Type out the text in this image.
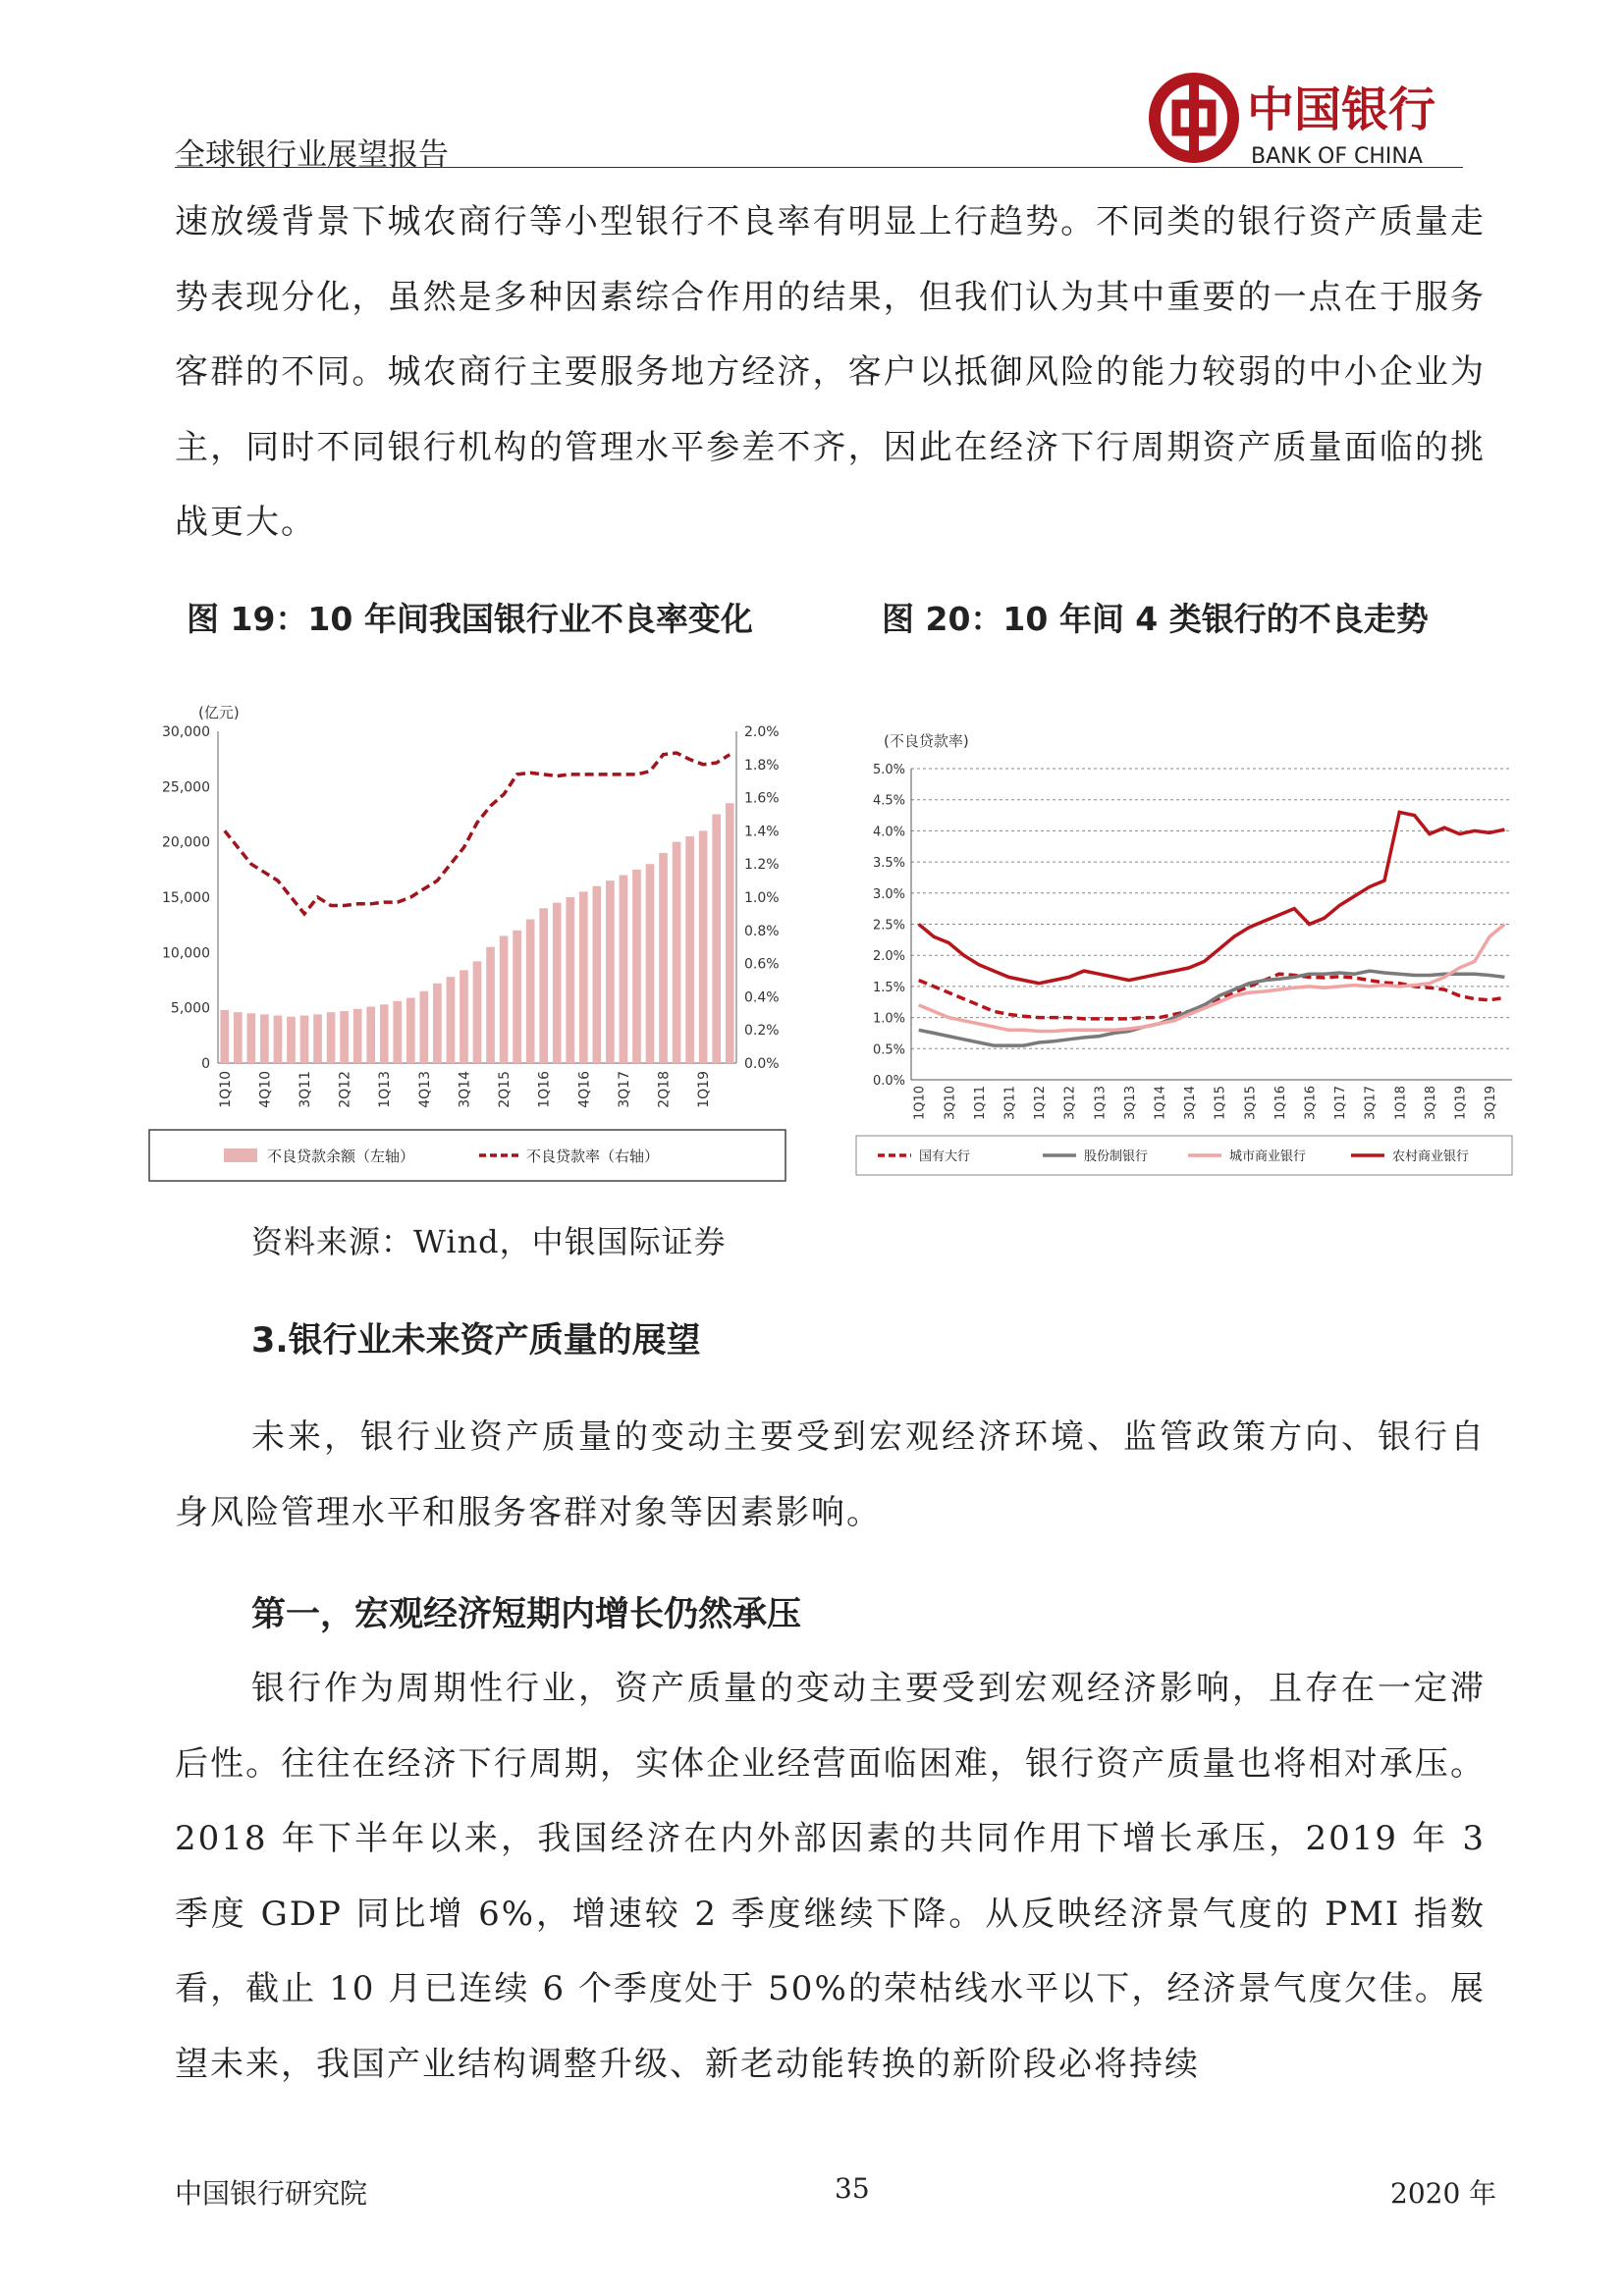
全球银行业展望报告
中国银行
BANK OF CHINA

速放缓背景下城农商行等小型银行不良率有明显上行趋势。不同类的银行资产质量走势表现分化，虽然是多种因素综合作用的结果，但我们认为其中重要的一点在于服务客群的不同。城农商行主要服务地方经济，客户以抵御风险的能力较弱的中小企业为主，同时不同银行机构的管理水平参差不齐，因此在经济下行周期资产质量面临的挑战更大。

图 19：10 年间我国银行业不良率变化	图 20：10 年间 4 类银行的不良走势
(亿元)
30,000
25,000
20,000
15,000
10,000
5,000
0
2.0%
1.8%
1.6%
1.4%
1.2%
1.0%
0.8%
0.6%
0.4%
0.2%
0.0%
1Q10 4Q10 3Q11 2Q12 1Q13 4Q13 3Q14 2Q15 1Q16 4Q16 3Q17 2Q18 1Q19
不良贷款余额（左轴）	不良贷款率（右轴）
(不良贷款率)
5.0%
4.5%
4.0%
3.5%
3.0%
2.5%
2.0%
1.5%
1.0%
0.5%
0.0%
1Q10 3Q10 1Q11 3Q11 1Q12 3Q12 1Q13 3Q13 1Q14 3Q14 1Q15 3Q15 1Q16 3Q16 1Q17 3Q17 1Q18 3Q18 1Q19 3Q19
国有大行	股份制银行	城市商业银行	农村商业银行
资料来源：Wind，中银国际证券
3.银行业未来资产质量的展望

未来，银行业资产质量的变动主要受到宏观经济环境、监管政策方向、银行自身风险管理水平和服务客群对象等因素影响。

第一，宏观经济短期内增长仍然承压

银行作为周期性行业，资产质量的变动主要受到宏观经济影响，且存在一定滞后性。往往在经济下行周期，实体企业经营面临困难，银行资产质量也将相对承压。2018 年下半年以来，我国经济在内外部因素的共同作用下增长承压，2019 年 3 季度 GDP 同比增 6%，增速较 2 季度继续下降。从反映经济景气度的 PMI 指数看，截止 10 月已连续 6 个季度处于 50%的荣枯线水平以下，经济景气度欠佳。展望未来，我国产业结构调整升级、新老动能转换的新阶段必将持续

中国银行研究院	35	2020 年
